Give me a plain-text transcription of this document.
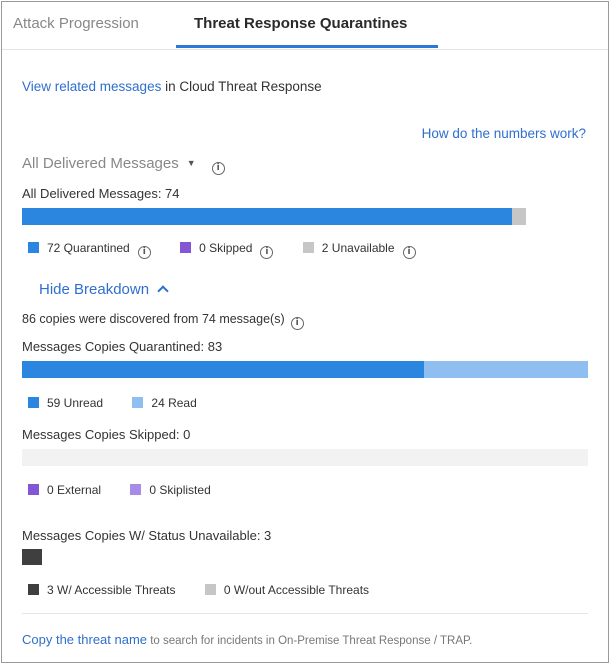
Attack Progression	Threat Response Quarantines
View related messages in Cloud Threat Response
How do the numbers work?
All Delivered Messages ▼ i
All Delivered Messages: 74
72 Quarantined i	0 Skipped i	2 Unavailable i
Hide Breakdown
86 copies were discovered from 74 message(s) i
Messages Copies Quarantined: 83
59 Unread	24 Read
Messages Copies Skipped: 0
0 External	0 Skiplisted
Messages Copies W/ Status Unavailable: 3
3 W/ Accessible Threats	0 W/out Accessible Threats
Copy the threat name to search for incidents in On-Premise Threat Response / TRAP.
